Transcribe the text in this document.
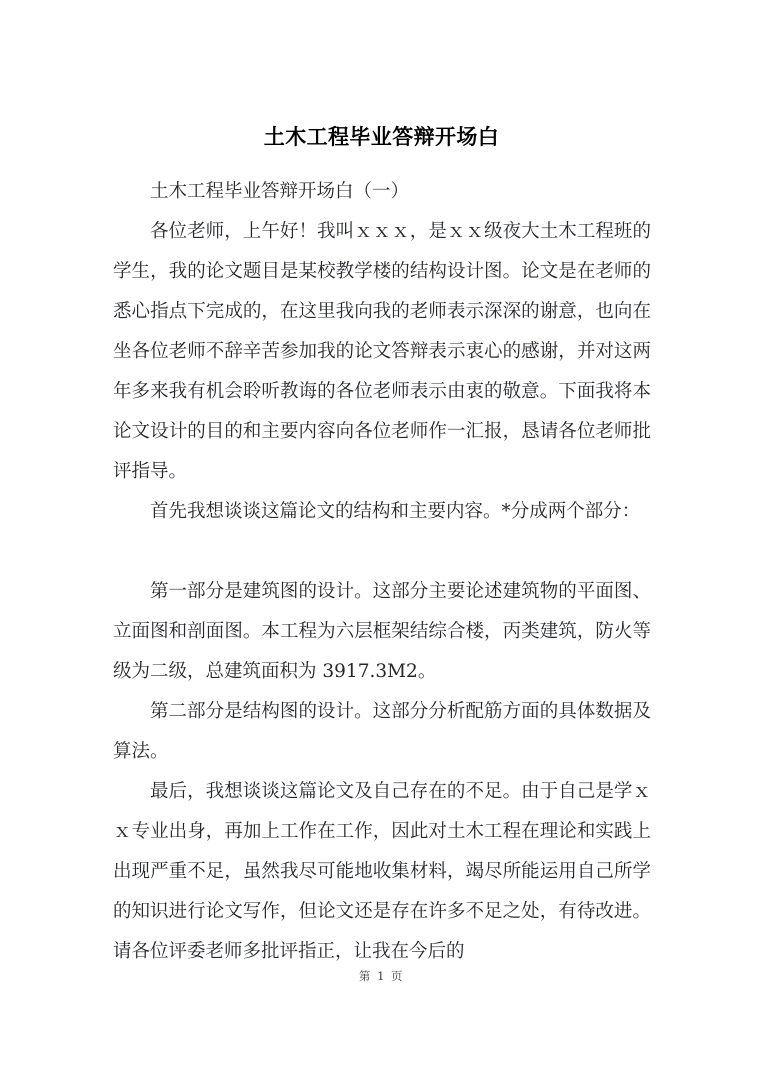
土木工程毕业答辩开场白

土木工程毕业答辩开场白（一）

各位老师，上午好！我叫ｘｘｘ，是ｘｘ级夜大土木工程班的学生，我的论文题目是某校教学楼的结构设计图。论文是在老师的悉心指点下完成的，在这里我向我的老师表示深深的谢意，也向在坐各位老师不辞辛苦参加我的论文答辩表示衷心的感谢，并对这两年多来我有机会聆听教诲的各位老师表示由衷的敬意。下面我将本论文设计的目的和主要内容向各位老师作一汇报，恳请各位老师批评指导。

首先我想谈谈这篇论文的结构和主要内容。*分成两个部分：

第一部分是建筑图的设计。这部分主要论述建筑物的平面图、立面图和剖面图。本工程为六层框架结综合楼，丙类建筑，防火等级为二级，总建筑面积为 3917.3M2。

第二部分是结构图的设计。这部分分析配筋方面的具体数据及算法。

最后，我想谈谈这篇论文及自己存在的不足。由于自己是学ｘｘ专业出身，再加上工作在工作，因此对土木工程在理论和实践上出现严重不足，虽然我尽可能地收集材料，竭尽所能运用自己所学的知识进行论文写作，但论文还是存在许多不足之处，有待改进。请各位评委老师多批评指正，让我在今后的

第 1 页
